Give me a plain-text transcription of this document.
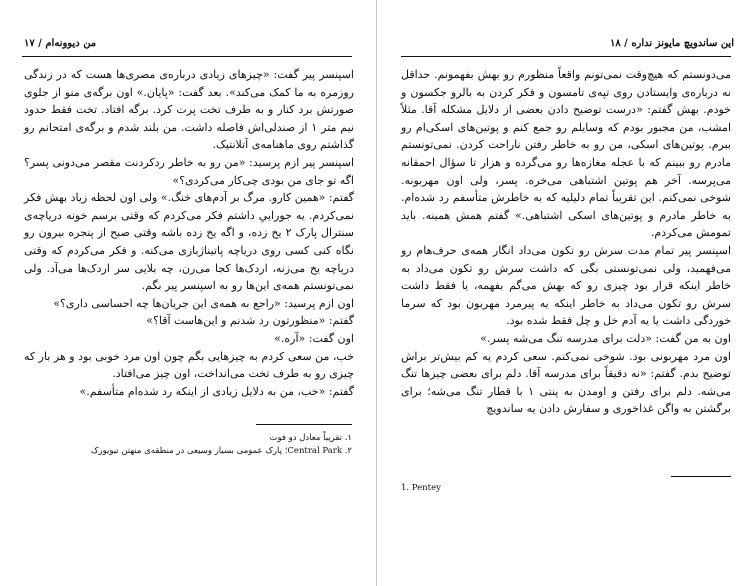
من دیوونه‌ام / ۱۷

اسپنسر پیر گفت: «چیزهای زیادی درباره‌ی مصری‌ها هست که در زندگی روزمره به ما کمک می‌کند». بعد گفت: «پایان.» اون برگه‌ی منو از جلوی صورتش برد کنار و به طرف تخت پرت کرد. برگه افتاد. تخت فقط حدود نیم متر ۱ از صندلی‌اش فاصله داشت. من بلند شدم و برگه‌ی امتحانم رو گذاشتم روی ماهنامه‌ی آتلانتیک.

اسپنسر پیر ازم پرسید: «من رو به خاطر ردکردنت مقصر می‌دونی پسر؟ اگه تو جای من بودی چی‌کار می‌کردی؟»

گفتم: «همین کارو. مرگ بر آدم‌های خنگ.» ولی اون لحظه زیاد بهش فکر نمی‌کردم. یه جوراییِ داشتم فکر می‌کردم که وقتی برسم خونه دریاچه‌ی سنترال پارک ۲ یخ زده، و اگه یخ زده باشه وقتی صبح از پنجره بیرون رو نگاه کنی کسی روی دریاچه پاتیناژبازی می‌کنه. و فکر می‌کردم که وقتی دریاچه یخ می‌زنه، اردک‌ها کجا می‌رن، چه بلایی سر اردک‌ها می‌آد. ولی نمی‌تونستم همه‌ی این‌ها رو به اسپنسر پیر بگم.

اون ازم پرسید: «راجع به همه‌ی این جریان‌ها چه احساسی داری؟»

گفتم: «منظورتون رد شدنم و این‌هاست آقا؟»

اون گفت: «آره.»

خب، من سعی کردم به چیزهایی بگم چون اون مرد خوبی بود و هر بار که چیزی رو به طرف تخت می‌انداخت، اون چیز می‌افتاد.

گفتم: «خب، من به دلایل زیادی از اینکه رد شده‌ام متأسفم.»

۱. تقریباً معادل دو فوت

۲. Central Park؛ پارک عمومی بسیار وسیعی در منطقه‌ی منهتن نیویورک

۱۸ / این ساندویچ مایونز نداره

می‌دونستم که هیچ‌وقت نمی‌تونم واقعاً منظورم رو بهش بفهمونم. حداقل نه درباره‌ی وایستادن روی تپه‌ی تامسون و فکر کردن به بالرو جکسون و خودم. بهش گفتم: «درست توضیح دادن بعضی از دلایل مشکله آقا. مثلاً امشب، من مجبور بودم که وسایلم رو جمع کنم و پوتین‌های اسکی‌ام رو ببرم. پوتین‌های اسکی، من رو به خاطر رفتن ناراحت کردن. نمی‌تونستم مادرم رو ببینم که با عجله مغازه‌ها رو می‌گرده و هزار تا سؤال احمقانه می‌پرسه. آخر هم پوتین اشتباهی می‌خره. پسر، ولی اون مهربونه. شوخی نمی‌کنم. این تقریباً تمام دلیلیه که به خاطرش متأسفم رد شده‌ام. به خاطر مادرم و پوتین‌های اسکی اشتباهی.» گفتم همش همینه. باید تمومش می‌کردم.

اسپنسر پیر تمام مدت سرش رو تکون می‌داد انگار همه‌ی حرف‌هام رو می‌فهمید، ولی نمی‌تونستی بگی که داشت سرش رو تکون می‌داد به خاطر اینکه قرار بود چیزی رو که بهش می‌گم بفهمه، یا فقط داشت سرش رو تکون می‌داد به خاطر اینکه یه پیرمرد مهربون بود که سرما خوردگی داشت یا یه آدم خل و چل فقط شده بود.

اون به من گفت: «دلت برای مدرسه تنگ می‌شه پسر.»

اون مرد مهربونی بود. شوخی نمی‌کنم. سعی کردم یه کم بیش‌تر براش توضیح بدم. گفتم: «نه دقیقاً برای مدرسه آقا. دلم برای بعضی چیزها تنگ می‌شه. دلم برای رفتن و اومدن به پنتی ۱ با قطار تنگ می‌شه؛ برای برگشتن به واگن غذاخوری و سفارش دادن یه ساندویچ

1. Pentey
